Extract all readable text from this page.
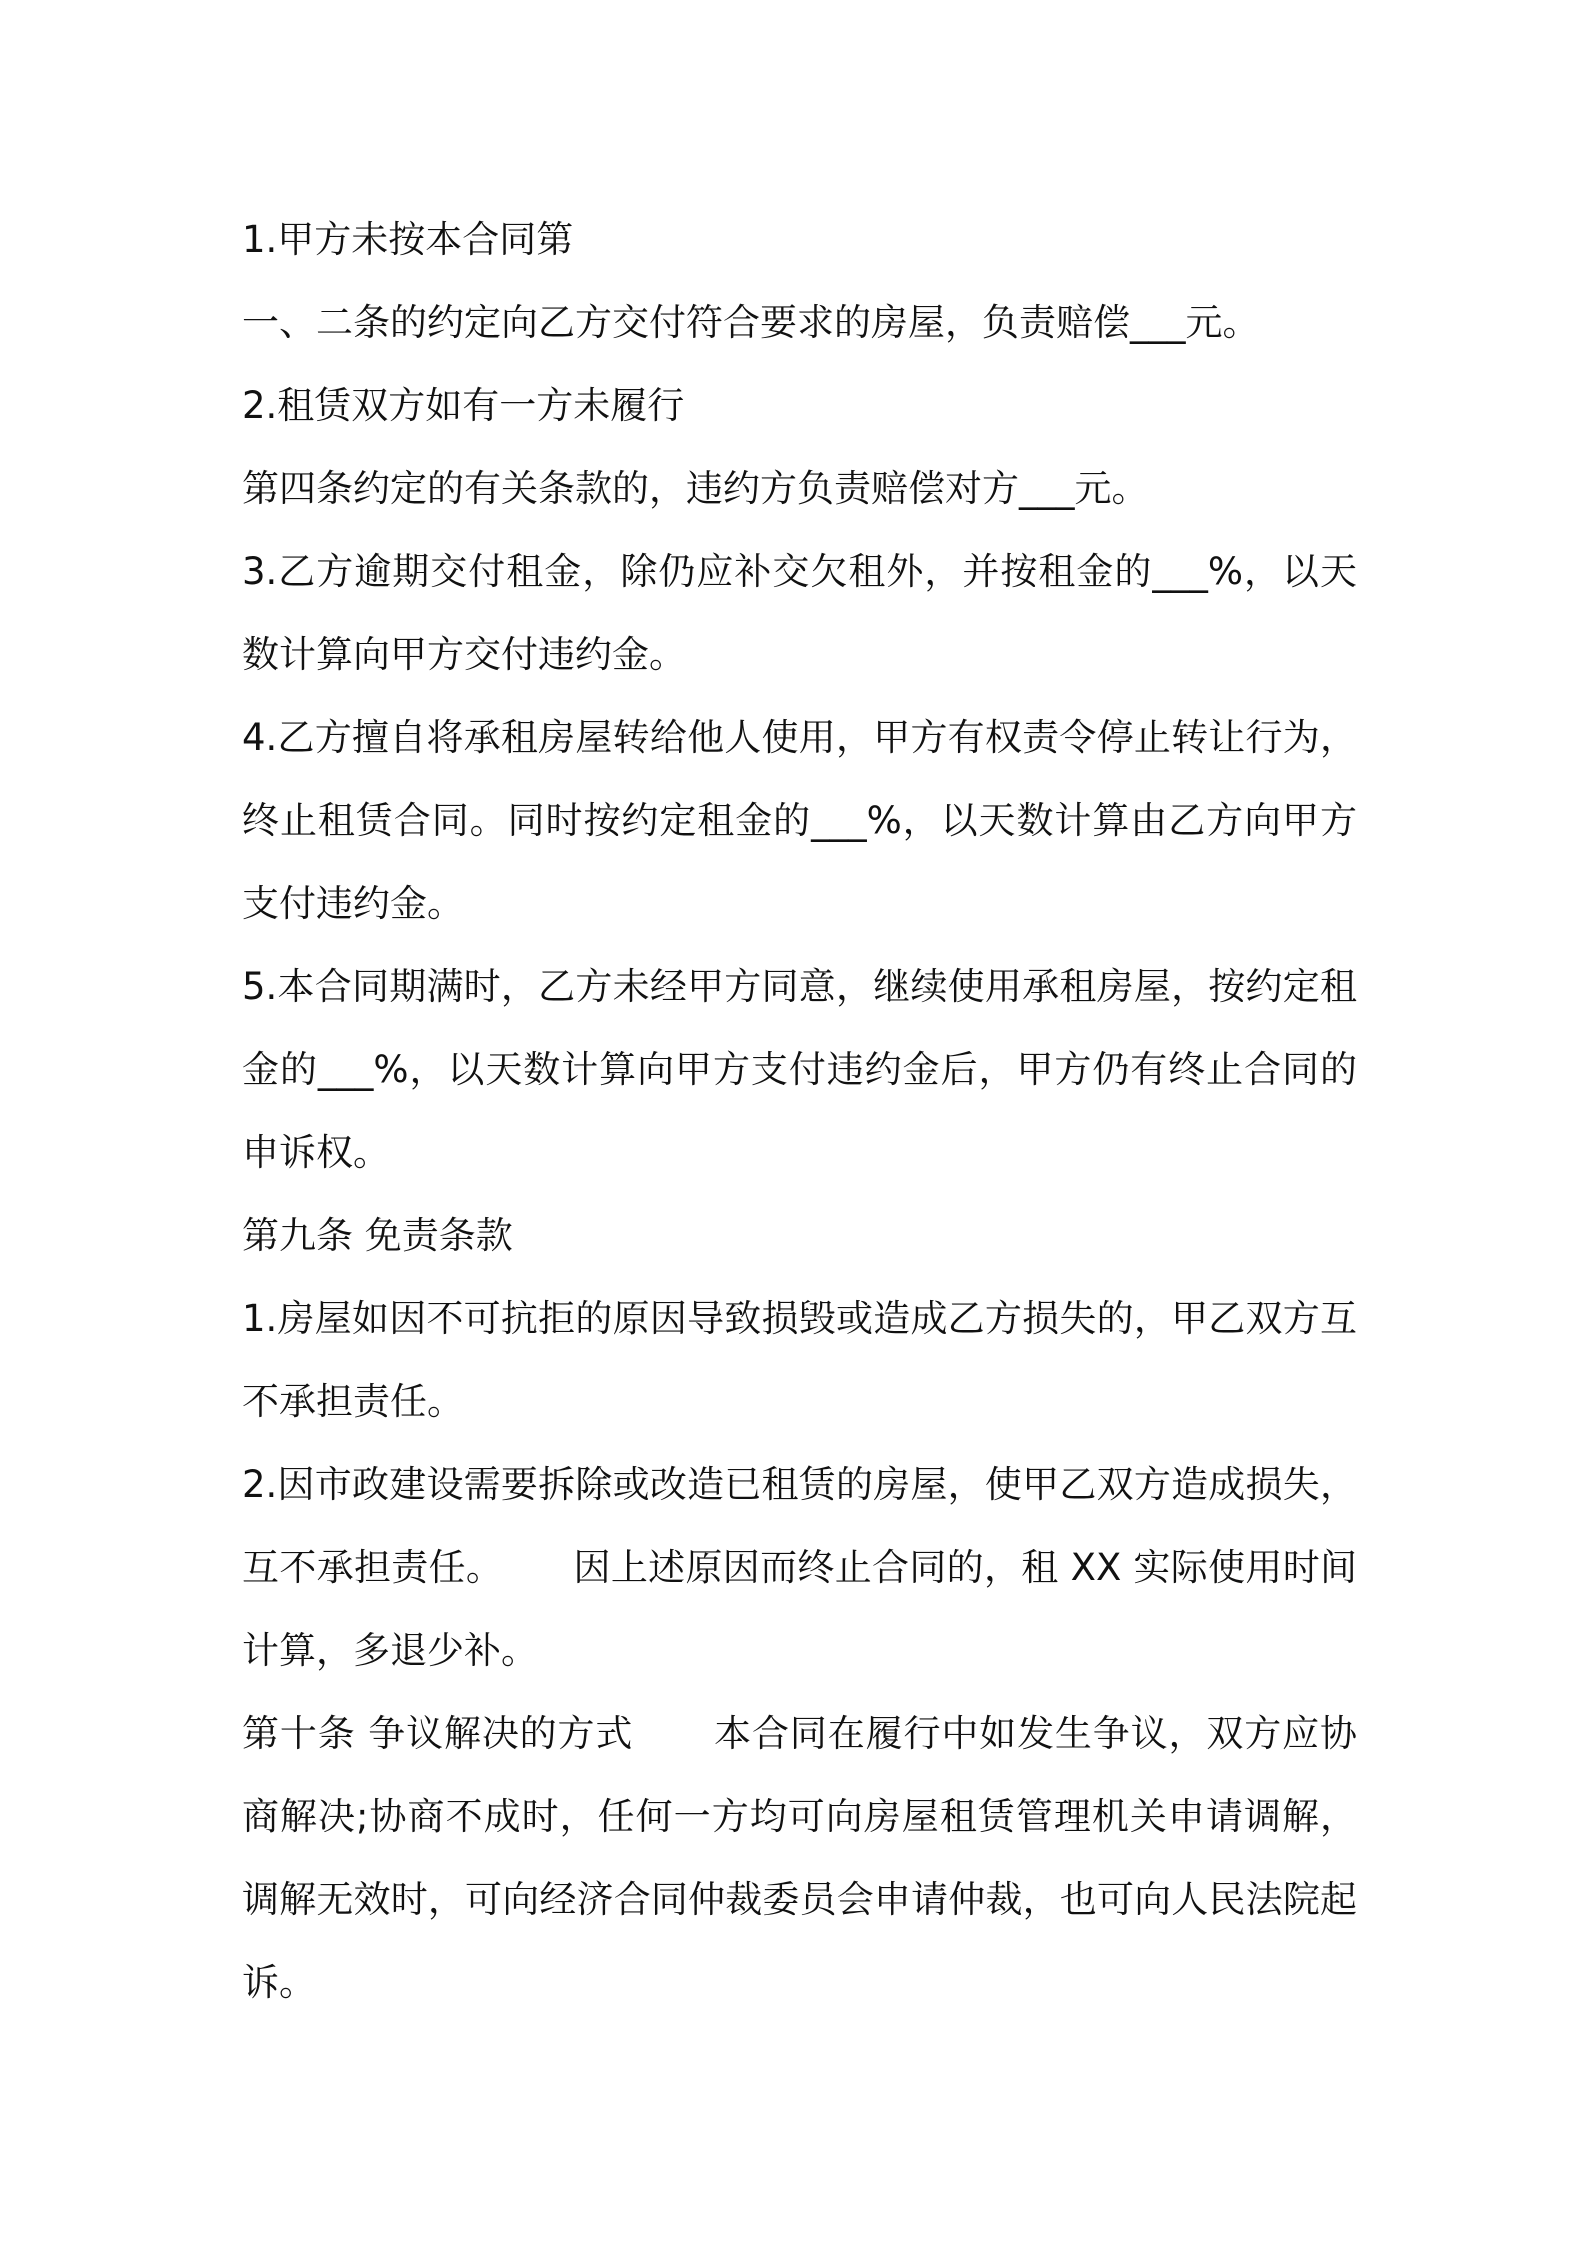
1.甲方未按本合同第

一、二条的约定向乙方交付符合要求的房屋，负责赔偿___元。

2.租赁双方如有一方未履行

第四条约定的有关条款的，违约方负责赔偿对方___元。

3.乙方逾期交付租金，除仍应补交欠租外，并按租金的___%，以天数计算向甲方交付违约金。

4.乙方擅自将承租房屋转给他人使用，甲方有权责令停止转让行为，终止租赁合同。同时按约定租金的___%，以天数计算由乙方向甲方支付违约金。

5.本合同期满时，乙方未经甲方同意，继续使用承租房屋，按约定租金的___%，以天数计算向甲方支付违约金后，甲方仍有终止合同的申诉权。

第九条 免责条款

1.房屋如因不可抗拒的原因导致损毁或造成乙方损失的，甲乙双方互不承担责任。

2.因市政建设需要拆除或改造已租赁的房屋，使甲乙双方造成损失，互不承担责任。 因上述原因而终止合同的，租 XX 实际使用时间计算，多退少补。

第十条 争议解决的方式 本合同在履行中如发生争议，双方应协商解决;协商不成时，任何一方均可向房屋租赁管理机关申请调解，调解无效时，可向经济合同仲裁委员会申请仲裁，也可向人民法院起诉。
